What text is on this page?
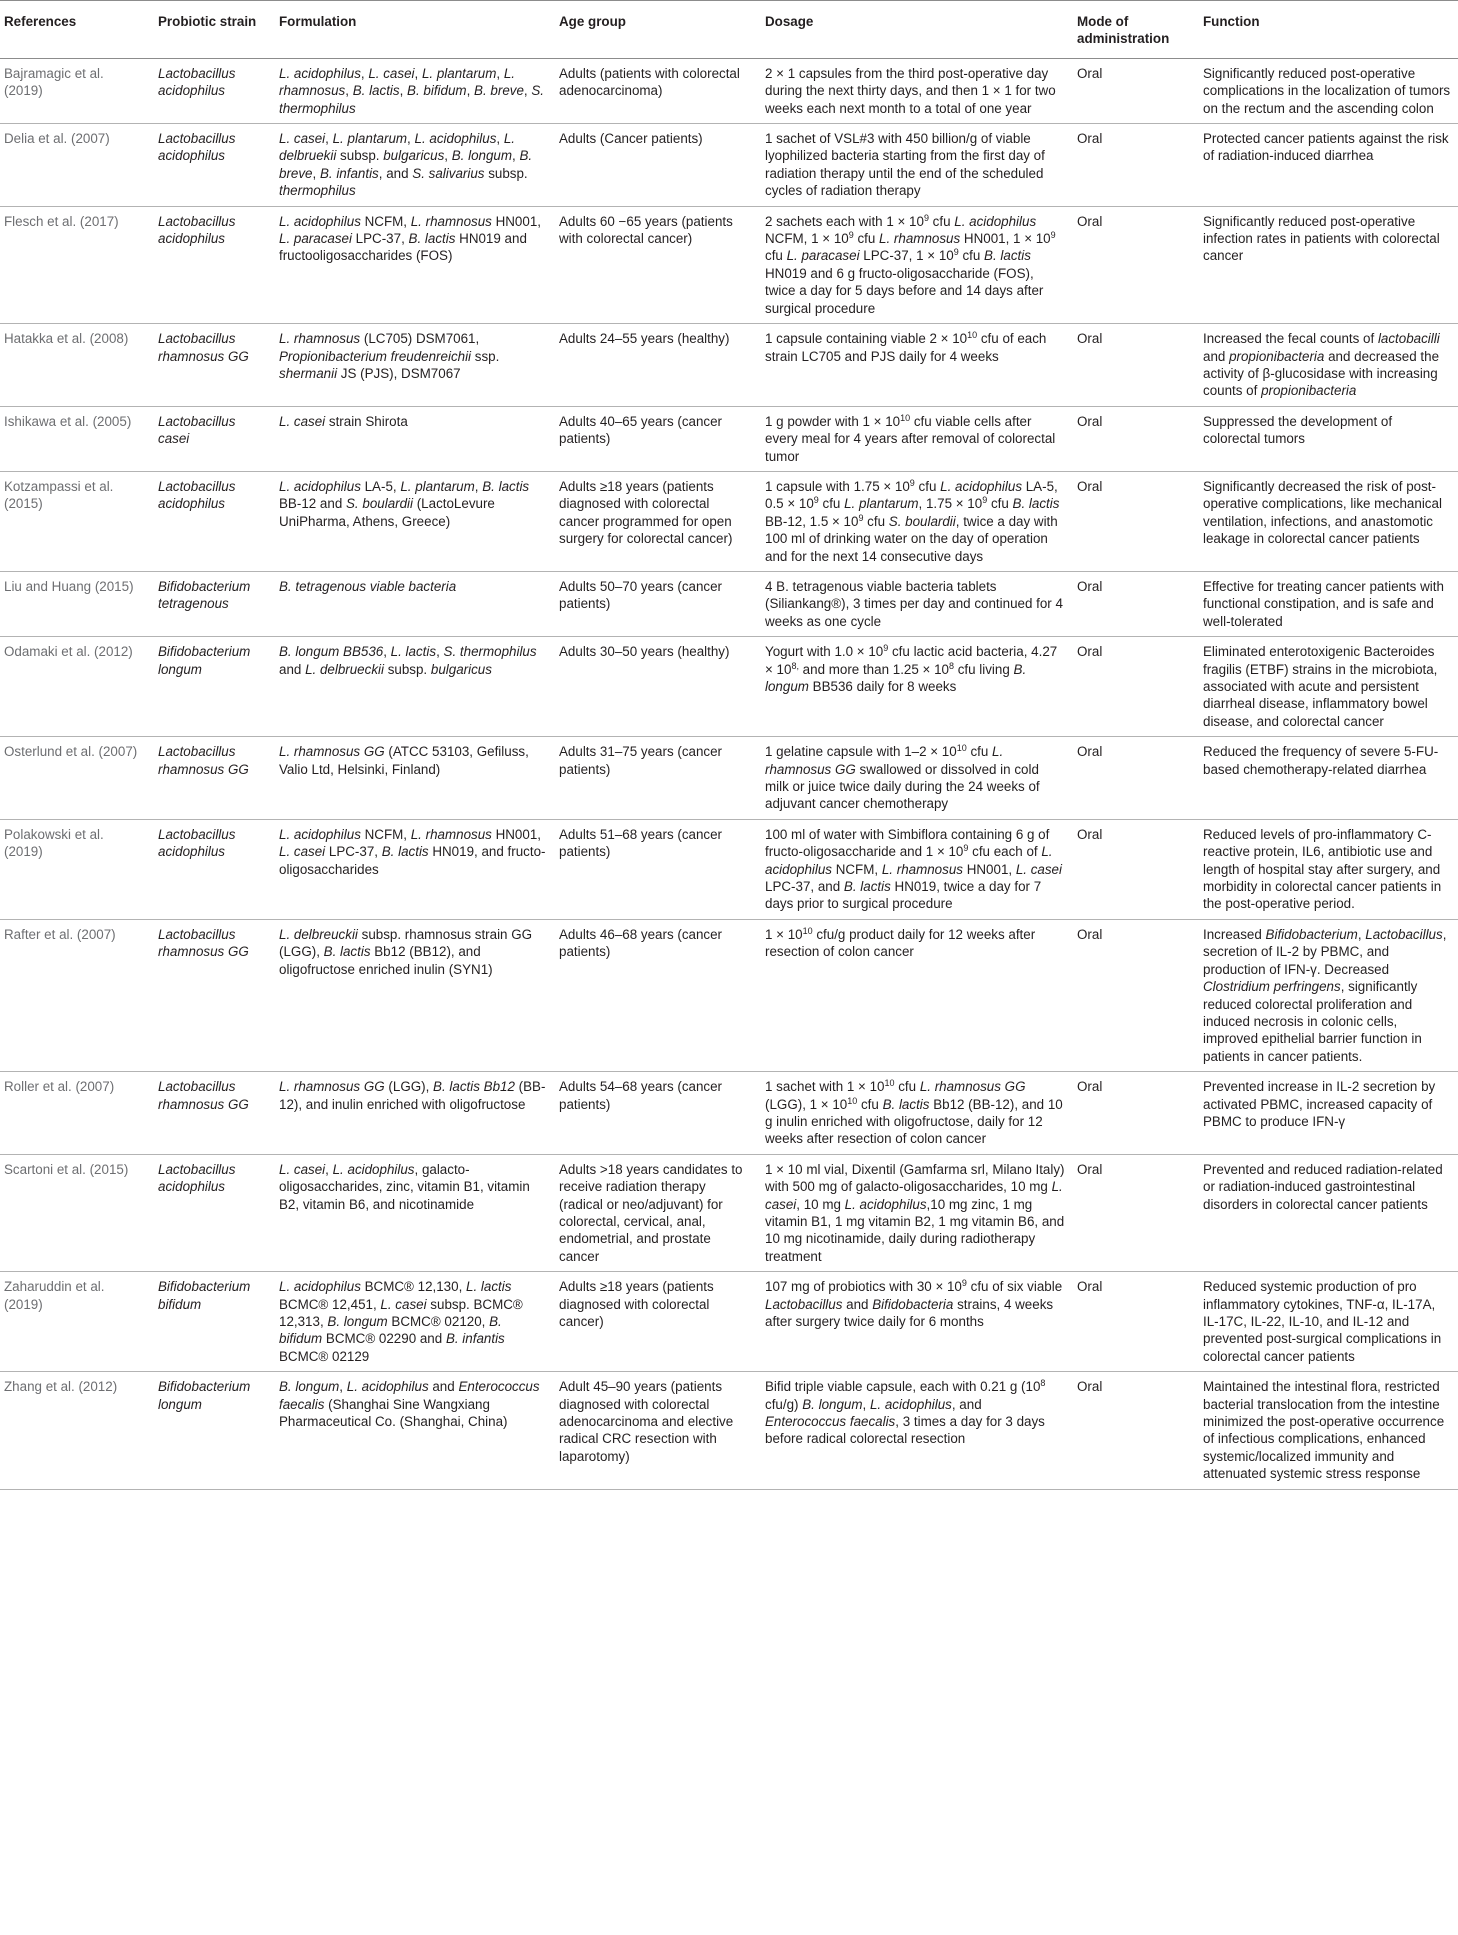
References	Probiotic strain	Formulation	Age group	Dosage	Mode of administration	Function
Bajramagic et al. (2019)	Lactobacillus acidophilus	L. acidophilus, L. casei, L. plantarum, L. rhamnosus, B. lactis, B. bifidum, B. breve, S. thermophilus	Adults (patients with colorectal adenocarcinoma)	2 × 1 capsules from the third post-operative day during the next thirty days, and then 1 × 1 for two weeks each next month to a total of one year	Oral	Significantly reduced post-operative complications in the localization of tumors on the rectum and the ascending colon
Delia et al. (2007)	Lactobacillus acidophilus	L. casei, L. plantarum, L. acidophilus, L. delbruekii subsp. bulgaricus, B. longum, B. breve, B. infantis, and S. salivarius subsp. thermophilus	Adults (Cancer patients)	1 sachet of VSL#3 with 450 billion/g of viable lyophilized bacteria starting from the first day of radiation therapy until the end of the scheduled cycles of radiation therapy	Oral	Protected cancer patients against the risk of radiation-induced diarrhea
Flesch et al. (2017)	Lactobacillus acidophilus	L. acidophilus NCFM, L. rhamnosus HN001, L. paracasei LPC-37, B. lactis HN019 and fructooligosaccharides (FOS)	Adults 60 −65 years (patients with colorectal cancer)	2 sachets each with $1 \times 10^9$ cfu L. acidophilus NCFM, $1 \times 10^9$ cfu L. rhamnosus HN001, $1 \times 10^9$ cfu L. paracasei LPC-37, $1 \times 10^9$ cfu B. lactis HN019 and 6 g fructo-oligosaccharide (FOS), twice a day for 5 days before and 14 days after surgical procedure	Oral	Significantly reduced post-operative infection rates in patients with colorectal cancer
Hatakka et al. (2008)	Lactobacillus rhamnosus GG	L. rhamnosus (LC705) DSM7061, Propionibacterium freudenreichii ssp. shermanii JS (PJS), DSM7067	Adults 24–55 years (healthy)	1 capsule containing viable $2 \times 10^{10}$ cfu of each strain LC705 and PJS daily for 4 weeks	Oral	Increased the fecal counts of lactobacilli and propionibacteria and decreased the activity of β-glucosidase with increasing counts of propionibacteria
Ishikawa et al. (2005)	Lactobacillus casei	L. casei strain Shirota	Adults 40–65 years (cancer patients)	1 g powder with $1 \times 10^{10}$ cfu viable cells after every meal for 4 years after removal of colorectal tumor	Oral	Suppressed the development of colorectal tumors
Kotzampassi et al. (2015)	Lactobacillus acidophilus	L. acidophilus LA-5, L. plantarum, B. lactis BB-12 and S. boulardii (LactoLevure UniPharma, Athens, Greece)	Adults ≥18 years (patients diagnosed with colorectal cancer programmed for open surgery for colorectal cancer)	1 capsule with $1.75 \times 10^9$ cfu L. acidophilus LA-5, $0.5 \times 10^9$ cfu L. plantarum, $1.75 \times 10^9$ cfu B. lactis BB-12, $1.5 \times 10^9$ cfu S. boulardii, twice a day with 100 ml of drinking water on the day of operation and for the next 14 consecutive days	Oral	Significantly decreased the risk of post-operative complications, like mechanical ventilation, infections, and anastomotic leakage in colorectal cancer patients
Liu and Huang (2015)	Bifidobacterium tetragenous	B. tetragenous viable bacteria	Adults 50–70 years (cancer patients)	4 B. tetragenous viable bacteria tablets (Siliankang®), 3 times per day and continued for 4 weeks as one cycle	Oral	Effective for treating cancer patients with functional constipation, and is safe and well-tolerated
Odamaki et al. (2012)	Bifidobacterium longum	B. longum BB536, L. lactis, S. thermophilus and L. delbrueckii subsp. bulgaricus	Adults 30–50 years (healthy)	Yogurt with $1.0 \times 10^9$ cfu lactic acid bacteria, $4.27 \times 10^{8,}$ and more than $1.25 \times 10^8$ cfu living B. longum BB536 daily for 8 weeks	Oral	Eliminated enterotoxigenic Bacteroides fragilis (ETBF) strains in the microbiota, associated with acute and persistent diarrheal disease, inflammatory bowel disease, and colorectal cancer
Osterlund et al. (2007)	Lactobacillus rhamnosus GG	L. rhamnosus GG (ATCC 53103, Gefiluss, Valio Ltd, Helsinki, Finland)	Adults 31–75 years (cancer patients)	1 gelatine capsule with $1-2 \times 10^{10}$ cfu L. rhamnosus GG swallowed or dissolved in cold milk or juice twice daily during the 24 weeks of adjuvant cancer chemotherapy	Oral	Reduced the frequency of severe 5-FU-based chemotherapy-related diarrhea
Polakowski et al. (2019)	Lactobacillus acidophilus	L. acidophilus NCFM, L. rhamnosus HN001, L. casei LPC-37, B. lactis HN019, and fructo-oligosaccharides	Adults 51–68 years (cancer patients)	100 ml of water with Simbiflora containing 6 g of fructo-oligosaccharide and $1 \times 10^9$ cfu each of L. acidophilus NCFM, L. rhamnosus HN001, L. casei LPC-37, and B. lactis HN019, twice a day for 7 days prior to surgical procedure	Oral	Reduced levels of pro-inflammatory C-reactive protein, IL6, antibiotic use and length of hospital stay after surgery, and morbidity in colorectal cancer patients in the post-operative period.
Rafter et al. (2007)	Lactobacillus rhamnosus GG	L. delbreuckii subsp. rhamnosus strain GG (LGG), B. lactis Bb12 (BB12), and oligofructose enriched inulin (SYN1)	Adults 46–68 years (cancer patients)	$1 \times 10^{10}$ cfu/g product daily for 12 weeks after resection of colon cancer	Oral	Increased Bifidobacterium, Lactobacillus, secretion of IL-2 by PBMC, and production of IFN-γ. Decreased Clostridium perfringens, significantly reduced colorectal proliferation and induced necrosis in colonic cells, improved epithelial barrier function in patients in cancer patients.
Roller et al. (2007)	Lactobacillus rhamnosus GG	L. rhamnosus GG (LGG), B. lactis Bb12 (BB-12), and inulin enriched with oligofructose	Adults 54–68 years (cancer patients)	1 sachet with $1 \times 10^{10}$ cfu L. rhamnosus GG (LGG), $1 \times 10^{10}$ cfu B. lactis Bb12 (BB-12), and 10 g inulin enriched with oligofructose, daily for 12 weeks after resection of colon cancer	Oral	Prevented increase in IL-2 secretion by activated PBMC, increased capacity of PBMC to produce IFN-γ
Scartoni et al. (2015)	Lactobacillus acidophilus	L. casei, L. acidophilus, galacto-oligosaccharides, zinc, vitamin B1, vitamin B2, vitamin B6, and nicotinamide	Adults >18 years candidates to receive radiation therapy (radical or neo/adjuvant) for colorectal, cervical, anal, endometrial, and prostate cancer	1 × 10 ml vial, Dixentil (Gamfarma srl, Milano Italy) with 500 mg of galacto-oligosaccharides, 10 mg L. casei, 10 mg L. acidophilus,10 mg zinc, 1 mg vitamin B1, 1 mg vitamin B2, 1 mg vitamin B6, and 10 mg nicotinamide, daily during radiotherapy treatment	Oral	Prevented and reduced radiation-related or radiation-induced gastrointestinal disorders in colorectal cancer patients
Zaharuddin et al. (2019)	Bifidobacterium bifidum	L. acidophilus BCMC® 12,130, L. lactis BCMC® 12,451, L. casei subsp. BCMC® 12,313, B. longum BCMC® 02120, B. bifidum BCMC® 02290 and B. infantis BCMC® 02129	Adults ≥18 years (patients diagnosed with colorectal cancer)	107 mg of probiotics with $30 \times 10^9$ cfu of six viable Lactobacillus and Bifidobacteria strains, 4 weeks after surgery twice daily for 6 months	Oral	Reduced systemic production of pro inflammatory cytokines, TNF-α, IL-17A, IL-17C, IL-22, IL-10, and IL-12 and prevented post-surgical complications in colorectal cancer patients
Zhang et al. (2012)	Bifidobacterium longum	B. longum, L. acidophilus and Enterococcus faecalis (Shanghai Sine Wangxiang Pharmaceutical Co. (Shanghai, China)	Adult 45–90 years (patients diagnosed with colorectal adenocarcinoma and elective radical CRC resection with laparotomy)	Bifid triple viable capsule, each with 0.21 g ($10^8$ cfu/g) B. longum, L. acidophilus, and Enterococcus faecalis, 3 times a day for 3 days before radical colorectal resection	Oral	Maintained the intestinal flora, restricted bacterial translocation from the intestine minimized the post-operative occurrence of infectious complications, enhanced systemic/localized immunity and attenuated systemic stress response
